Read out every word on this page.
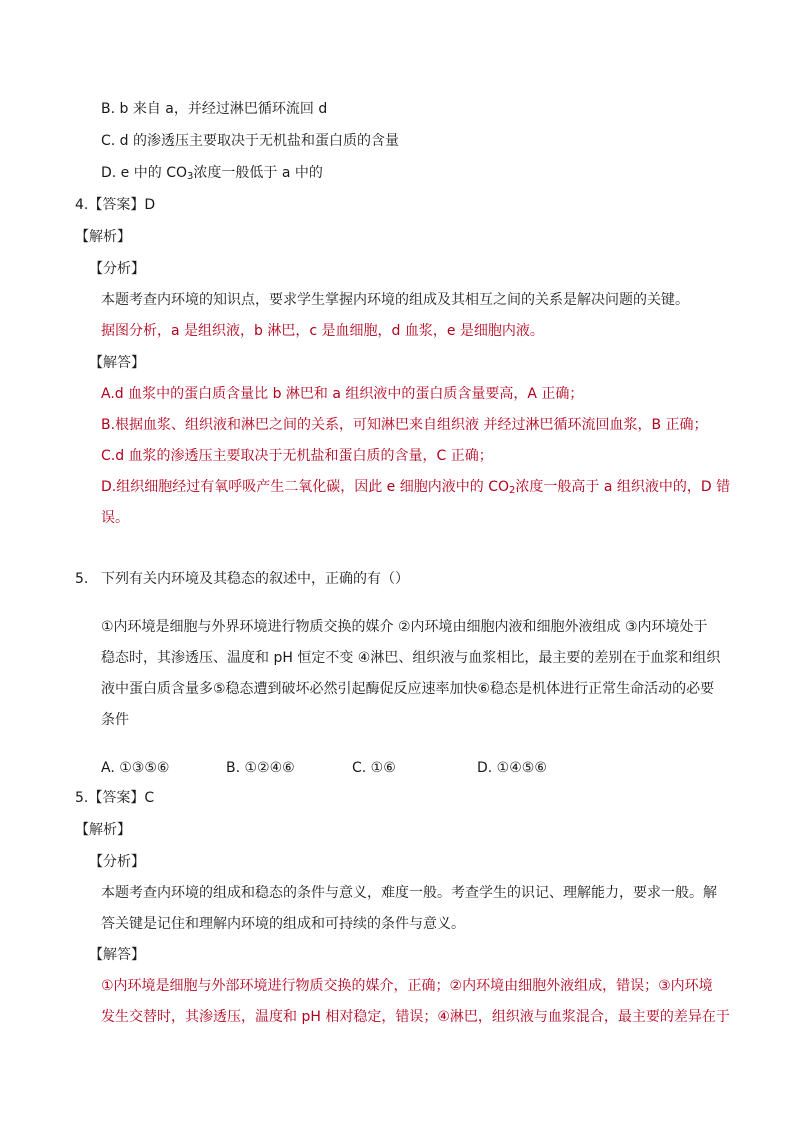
B. b 来自 a，并经过淋巴循环流回 d
C. d 的渗透压主要取决于无机盐和蛋白质的含量
D. e 中的 $CO_3$浓度一般低于 a 中的
4.【答案】D
【解析】
【分析】
本题考查内环境的知识点，要求学生掌握内环境的组成及其相互之间的关系是解决问题的关键。
据图分析，a 是组织液，b 淋巴，c 是血细胞，d 血浆，e 是细胞内液。
【解答】
A.d 血浆中的蛋白质含量比 b 淋巴和 a 组织液中的蛋白质含量要高，A 正确；
B.根据血浆、组织液和淋巴之间的关系，可知淋巴来自组织液 并经过淋巴循环流回血浆，B 正确；
C.d 血浆的渗透压主要取决于无机盐和蛋白质的含量，C 正确；
D.组织细胞经过有氧呼吸产生二氧化碳，因此 e 细胞内液中的 $CO_2$浓度一般高于 a 组织液中的，D 错
误。
5. 下列有关内环境及其稳态的叙述中，正确的有（）
①内环境是细胞与外界环境进行物质交换的媒介 ②内环境由细胞内液和细胞外液组成 ③内环境处于
稳态时，其渗透压、温度和 pH 恒定不变 ④淋巴、组织液与血浆相比，最主要的差别在于血浆和组织
液中蛋白质含量多⑤稳态遭到破坏必然引起酶促反应速率加快⑥稳态是机体进行正常生命活动的必要
条件
A. ①③⑤⑥	B. ①②④⑥	C. ①⑥	D. ①④⑤⑥
5.【答案】C
【解析】
【分析】
本题考查内环境的组成和稳态的条件与意义，难度一般。考查学生的识记、理解能力，要求一般。解
答关键是记住和理解内环境的组成和可持续的条件与意义。
【解答】
①内环境是细胞与外部环境进行物质交换的媒介，正确；②内环境由细胞外液组成，错误；③内环境
发生交替时，其渗透压，温度和 pH 相对稳定，错误；④淋巴，组织液与血浆混合，最主要的差异在于
